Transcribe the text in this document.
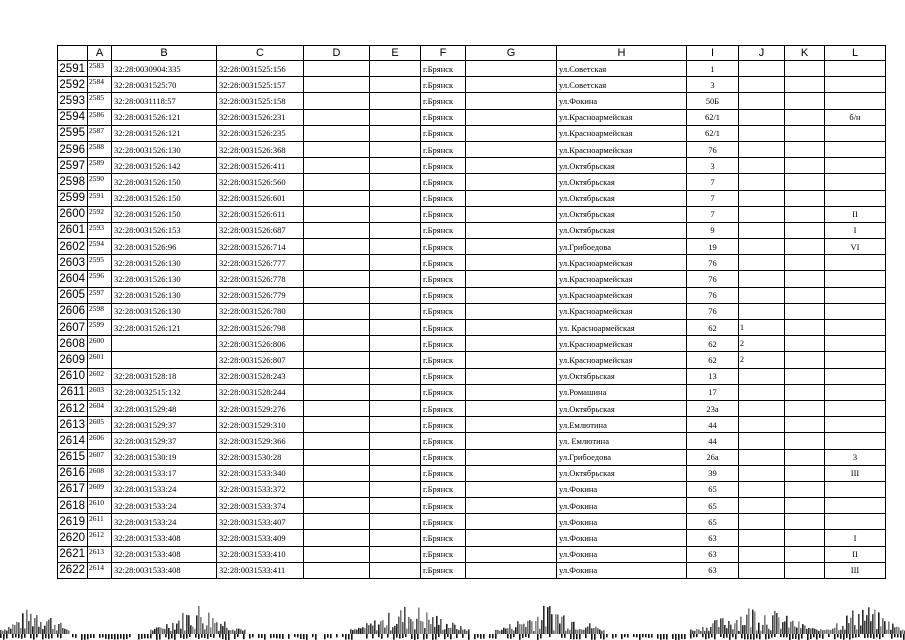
	A	B	C	D	E	F	G	H	I	J	K	L
2591	2583	32:28:0030904:335	32:28:0031525:156			г.Брянск		ул.Советская	1			
2592	2584	32:28:0031525:70	32:28:0031525:157			г.Брянск		ул.Советская	3			
2593	2585	32:28:0031118:57	32:28:0031525:158			г.Брянск		ул.Фокина	50Б			
2594	2586	32:28:0031526:121	32:28:0031526:231			г.Брянск		ул.Красноармейская	62/1			б/н
2595	2587	32:28:0031526:121	32:28:0031526:235			г.Брянск		ул.Красноармейская	62/1			
2596	2588	32:28:0031526:130	32:28:0031526:368			г.Брянск		ул.Красноармейская	76			
2597	2589	32:28:0031526:142	32:28:0031526:411			г.Брянск		ул.Октябрьская	3			
2598	2590	32:28:0031526:150	32:28:0031526:560			г.Брянск		ул.Октябрьская	7			
2599	2591	32:28:0031526:150	32:28:0031526:601			г.Брянск		ул.Октябрьская	7			
2600	2592	32:28:0031526:150	32:28:0031526:611			г.Брянск		ул.Октябрьская	7			II
2601	2593	32:28:0031526:153	32:28:0031526:687			г.Брянск		ул.Октябрьская	9			I
2602	2594	32:28:0031526:96	32:28:0031526:714			г.Брянск		ул.Грибоедова	19			VI
2603	2595	32:28:0031526:130	32:28:0031526:777			г.Брянск		ул.Красноармейская	76			
2604	2596	32:28:0031526:130	32:28:0031526:778			г.Брянск		ул.Красноармейская	76			
2605	2597	32:28:0031526:130	32:28:0031526:779			г.Брянск		ул.Красноармейская	76			
2606	2598	32:28:0031526:130	32:28:0031526:780			г.Брянск		ул.Красноармейская	76			
2607	2599	32:28:0031526:121	32:28:0031526:798			г.Брянск		ул. Красноармейская	62	1		
2608	2600		32:28:0031526:806			г.Брянск		ул.Красноармейская	62	2		
2609	2601		32:28:0031526:807			г.Брянск		ул.Красноармейская	62	2		
2610	2602	32:28:0031528:18	32:28:0031528:243			г.Брянск		ул.Октябрьская	13			
2611	2603	32:28:0032515:132	32:28:0031528:244			г.Брянск		ул.Ромашина	17			
2612	2604	32:28:0031529:48	32:28:0031529:276			г.Брянск		ул.Октябрьская	23а			
2613	2605	32:28:0031529:37	32:28:0031529:310			г.Брянск		ул.Емлютина	44			
2614	2606	32:28:0031529:37	32:28:0031529:366			г.Брянск		ул. Емлютина	44			
2615	2607	32:28:0031530:19	32:28:0031530:28			г.Брянск		ул.Грибоедова	26а			3
2616	2608	32:28:0031533:17	32:28:0031533:340			г.Брянск		ул.Октябрьская	39			III
2617	2609	32:28:0031533:24	32:28:0031533:372			г.Брянск		ул.Фокина	65			
2618	2610	32:28:0031533:24	32:28:0031533:374			г.Брянск		ул.Фокина	65			
2619	2611	32:28:0031533:24	32:28:0031533:407			г.Брянск		ул.Фокина	65			
2620	2612	32:28:0031533:408	32:28:0031533:409			г.Брянск		ул.Фокина	63			I
2621	2613	32:28:0031533:408	32:28:0031533:410			г.Брянск		ул.Фокина	63			II
2622	2614	32:28:0031533:408	32:28:0031533:411			г.Брянск		ул.Фокина	63			III
